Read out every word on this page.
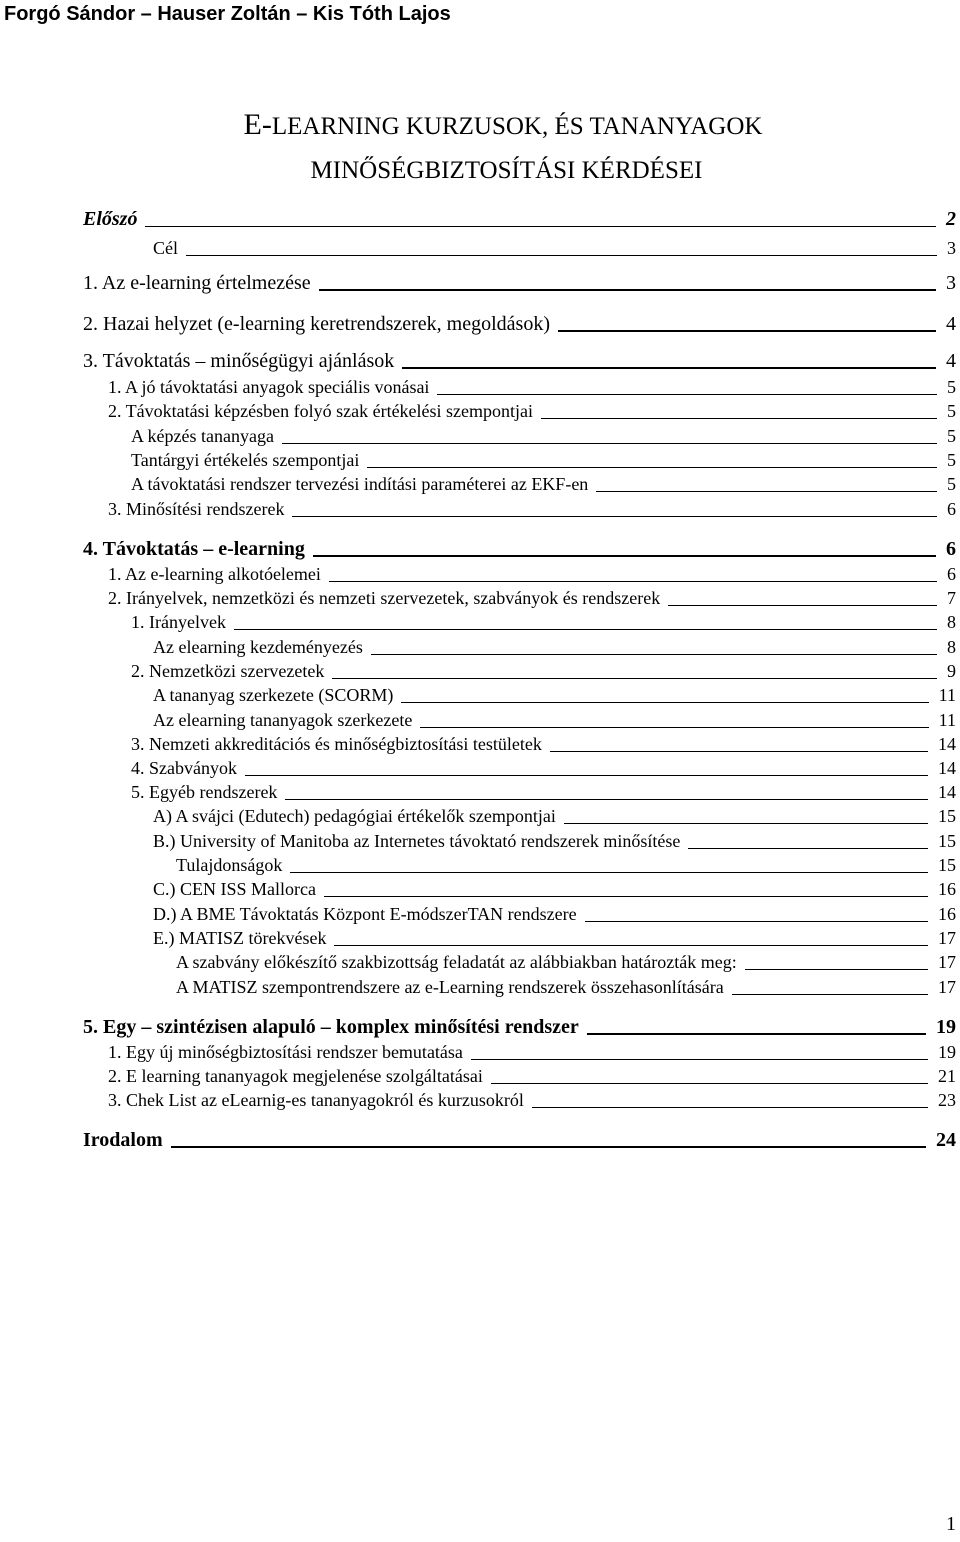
Forgó Sándor – Hauser Zoltán – Kis Tóth Lajos
E-LEARNING KURZUSOK, ÉS TANANYAGOK
MINŐSÉGBIZTOSÍTÁSI KÉRDÉSEI
Előszó	2
Cél	3
1. Az e-learning értelmezése	3
2. Hazai helyzet (e-learning keretrendszerek, megoldások)	4
3. Távoktatás – minőségügyi ajánlások	4
1. A jó távoktatási anyagok speciális vonásai	5
2. Távoktatási képzésben folyó szak értékelési szempontjai	5
A képzés tananyaga	5
Tantárgyi értékelés szempontjai	5
A távoktatási rendszer tervezési indítási paraméterei az EKF-en	5
3. Minősítési rendszerek	6
4. Távoktatás – e-learning	6
1. Az e-learning alkotóelemei	6
2. Irányelvek, nemzetközi és nemzeti szervezetek, szabványok és rendszerek	7
1. Irányelvek	8
Az elearning kezdeményezés	8
2. Nemzetközi szervezetek	9
A tananyag szerkezete (SCORM)	11
Az elearning tananyagok szerkezete	11
3. Nemzeti akkreditációs és minőségbiztosítási testületek	14
4. Szabványok	14
5. Egyéb rendszerek	14
A) A svájci (Edutech) pedagógiai értékelők szempontjai	15
B.) University of Manitoba az Internetes távoktató rendszerek minősítése	15
Tulajdonságok	15
C.) CEN ISS Mallorca	16
D.) A BME Távoktatás Központ E-módszerTAN rendszere	16
E.) MATISZ törekvések	17
A szabvány előkészítő szakbizottság feladatát az alábbiakban határozták meg:	17
A MATISZ szempontrendszere az e-Learning rendszerek összehasonlítására	17
5. Egy – szintézisen alapuló – komplex minősítési rendszer	19
1. Egy új minőségbiztosítási rendszer bemutatása	19
2. E learning tananyagok megjelenése szolgáltatásai	21
3. Chek List az eLearnig-es tananyagokról és kurzusokról	23
Irodalom	24
1
